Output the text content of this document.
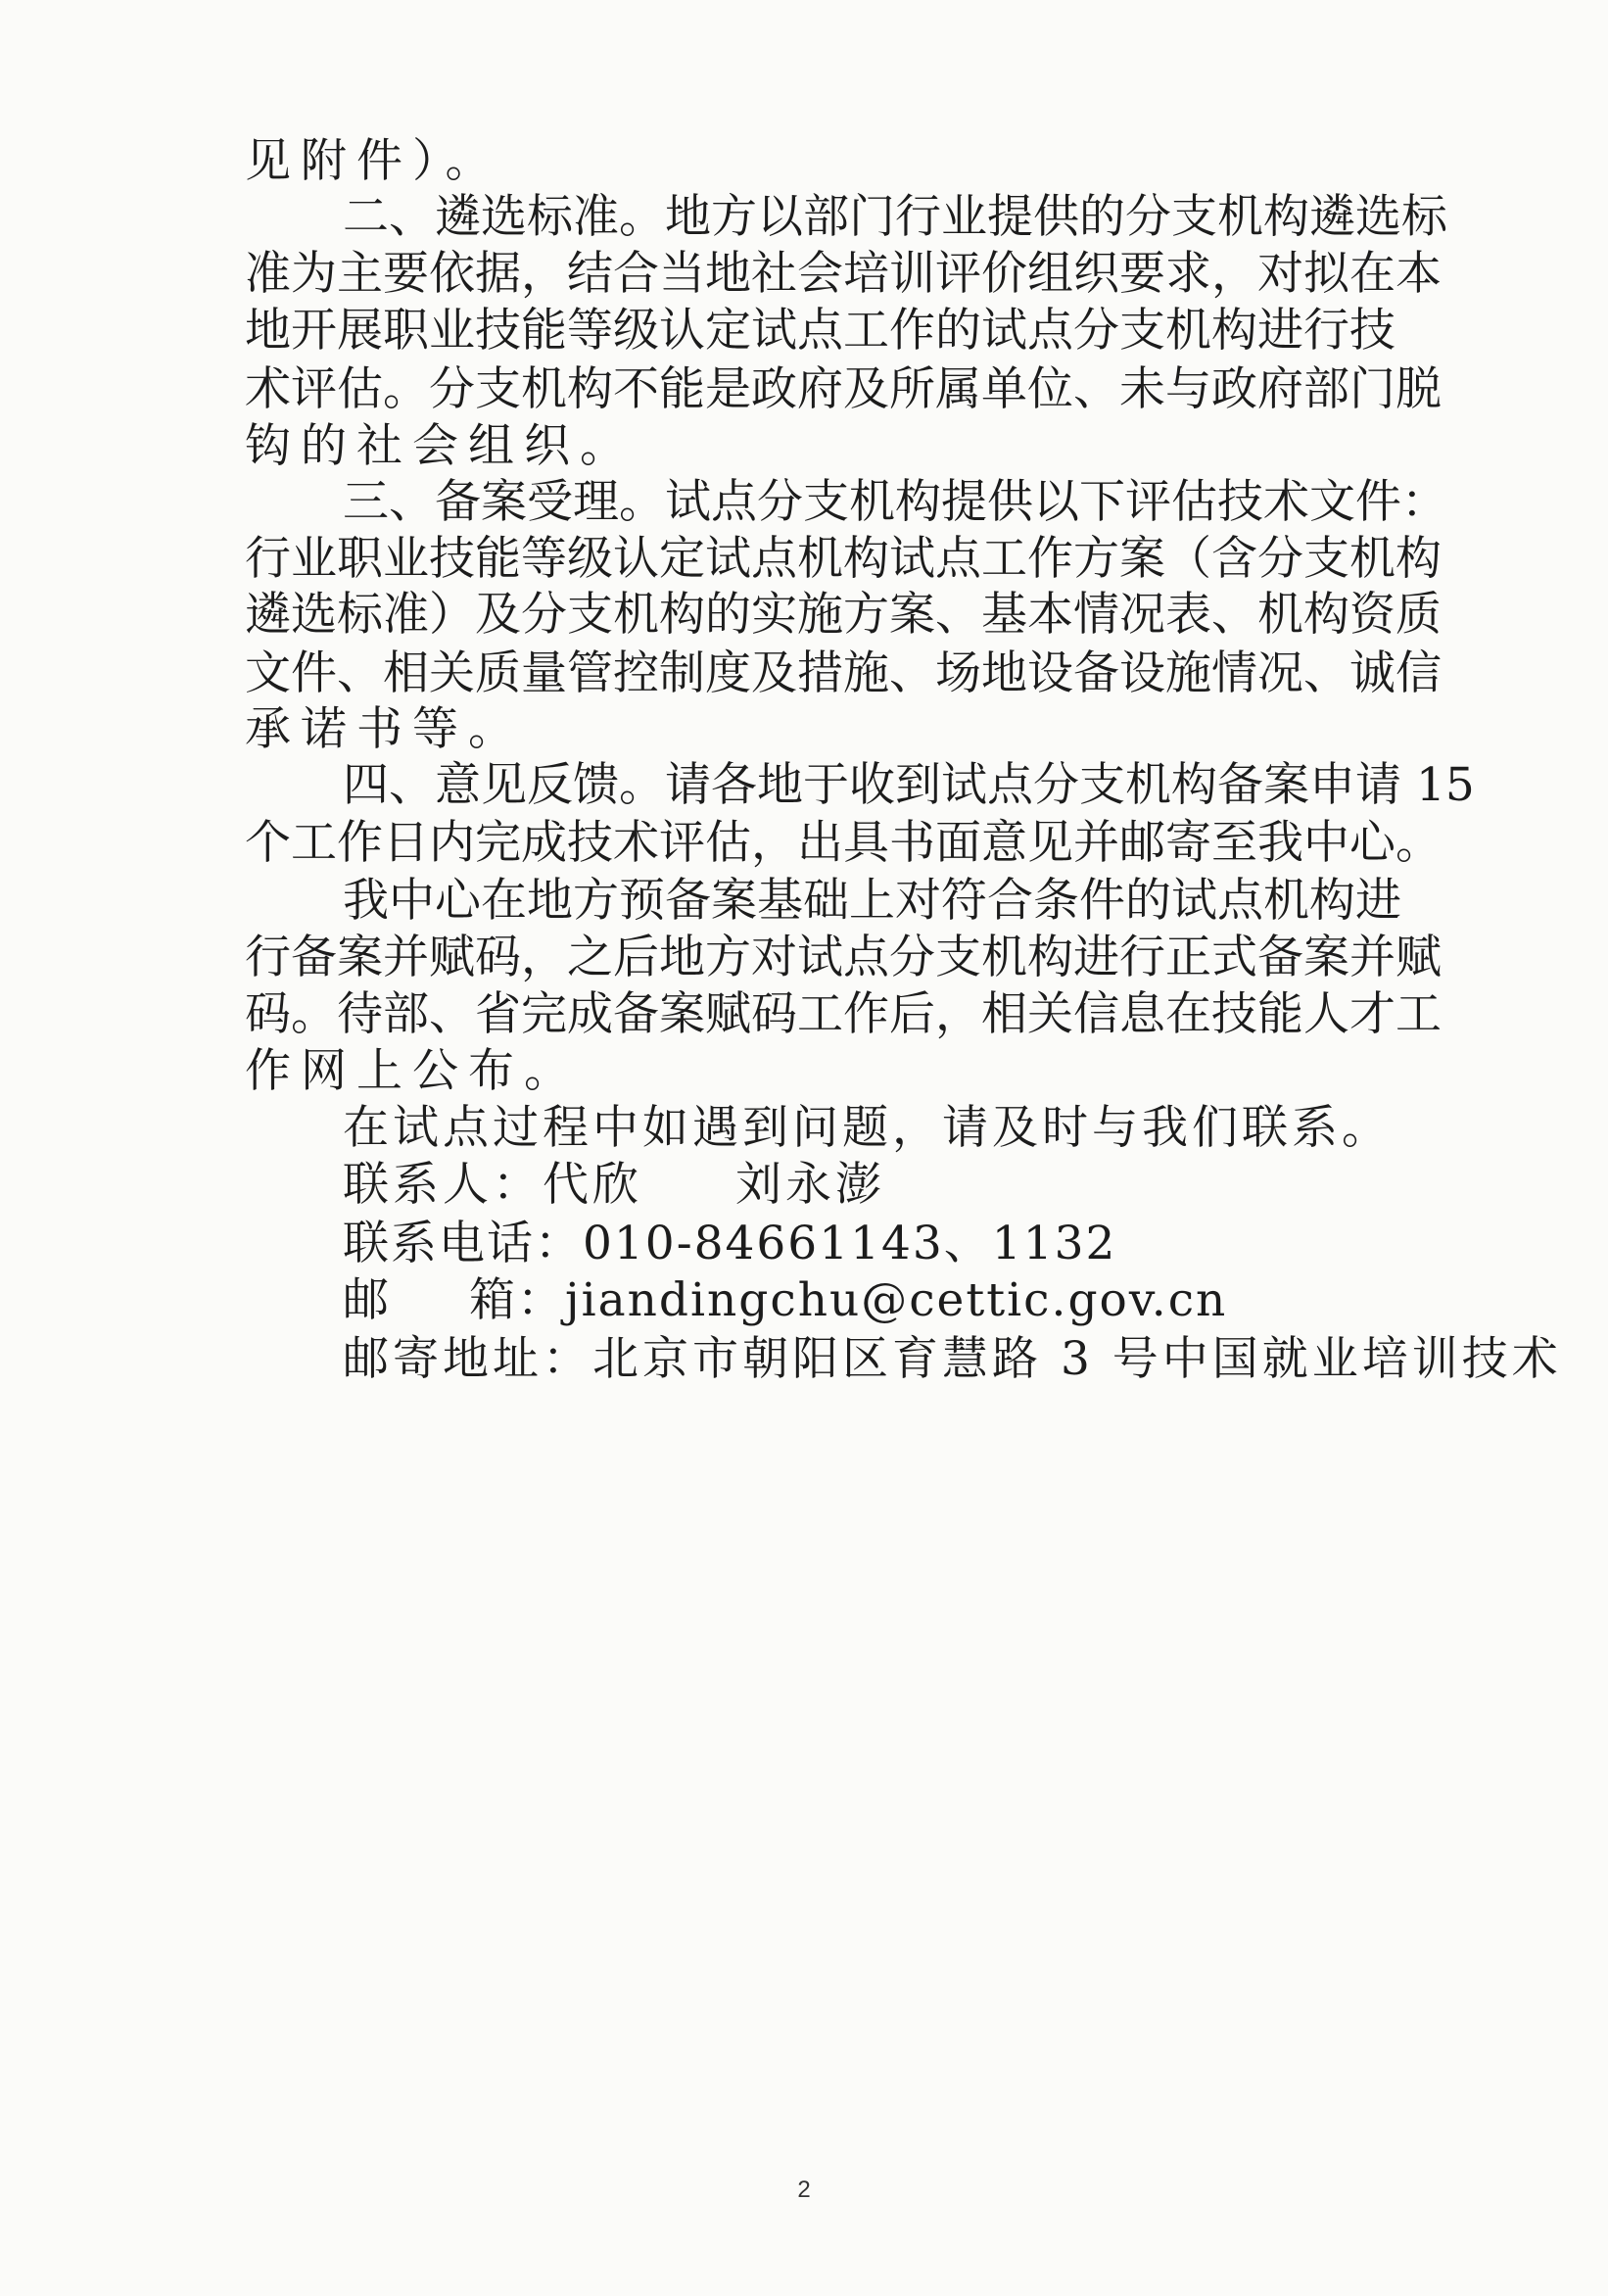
见附件）。
二、遴选标准。地方以部门行业提供的分支机构遴选标
准为主要依据，结合当地社会培训评价组织要求，对拟在本
地开展职业技能等级认定试点工作的试点分支机构进行技
术评估。分支机构不能是政府及所属单位、未与政府部门脱
钩的社会组织。
三、备案受理。试点分支机构提供以下评估技术文件：
行业职业技能等级认定试点机构试点工作方案（含分支机构
遴选标准）及分支机构的实施方案、基本情况表、机构资质
文件、相关质量管控制度及措施、场地设备设施情况、诚信
承诺书等。
四、意见反馈。请各地于收到试点分支机构备案申请 15
个工作日内完成技术评估，出具书面意见并邮寄至我中心。
我中心在地方预备案基础上对符合条件的试点机构进
行备案并赋码，之后地方对试点分支机构进行正式备案并赋
码。待部、省完成备案赋码工作后，相关信息在技能人才工
作网上公布。
在试点过程中如遇到问题，请及时与我们联系。
联系人：代欣 刘永澎
联系电话：010-84661143、1132
邮 箱：jiandingchu@cettic.gov.cn
邮寄地址：北京市朝阳区育慧路 3 号中国就业培训技术
2
